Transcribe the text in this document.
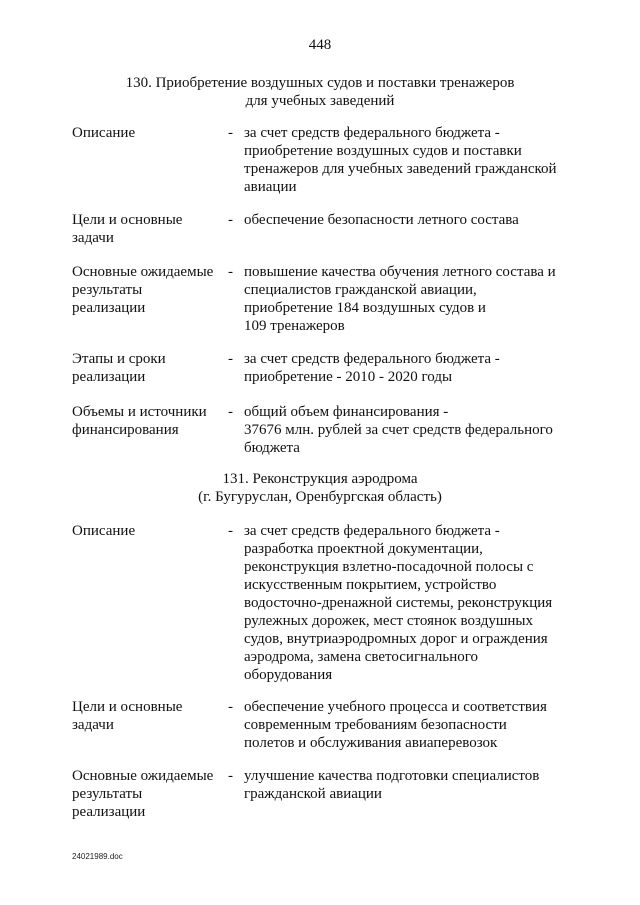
448
130. Приобретение воздушных судов и поставки тренажеров
для учебных заведений
Описание	- за счет средств федерального бюджета -
приобретение воздушных судов и поставки
тренажеров для учебных заведений гражданской
авиации
Цели и основные
задачи
- обеспечение безопасности летного состава
Основные ожидаемые
результаты
реализации
- повышение качества обучения летного состава и
специалистов гражданской авиации,
приобретение 184 воздушных судов и
109 тренажеров
Этапы и сроки
реализации
- за счет средств федерального бюджета -
приобретение - 2010 - 2020 годы
Объемы и источники
финансирования
- общий объем финансирования -
37676 млн. рублей за счет средств федерального
бюджета
131. Реконструкция аэродрома
(г. Бугуруслан, Оренбургская область)
Описание	- за счет средств федерального бюджета -
разработка проектной документации,
реконструкция взлетно-посадочной полосы с
искусственным покрытием, устройство
водосточно-дренажной системы, реконструкция
рулежных дорожек, мест стоянок воздушных
судов, внутриаэродромных дорог и ограждения
аэродрома, замена светосигнального
оборудования
Цели и основные
задачи
- обеспечение учебного процесса и соответствия
современным требованиям безопасности
полетов и обслуживания авиаперевозок
Основные ожидаемые
результаты
реализации
- улучшение качества подготовки специалистов
гражданской авиации
24021989.doc
